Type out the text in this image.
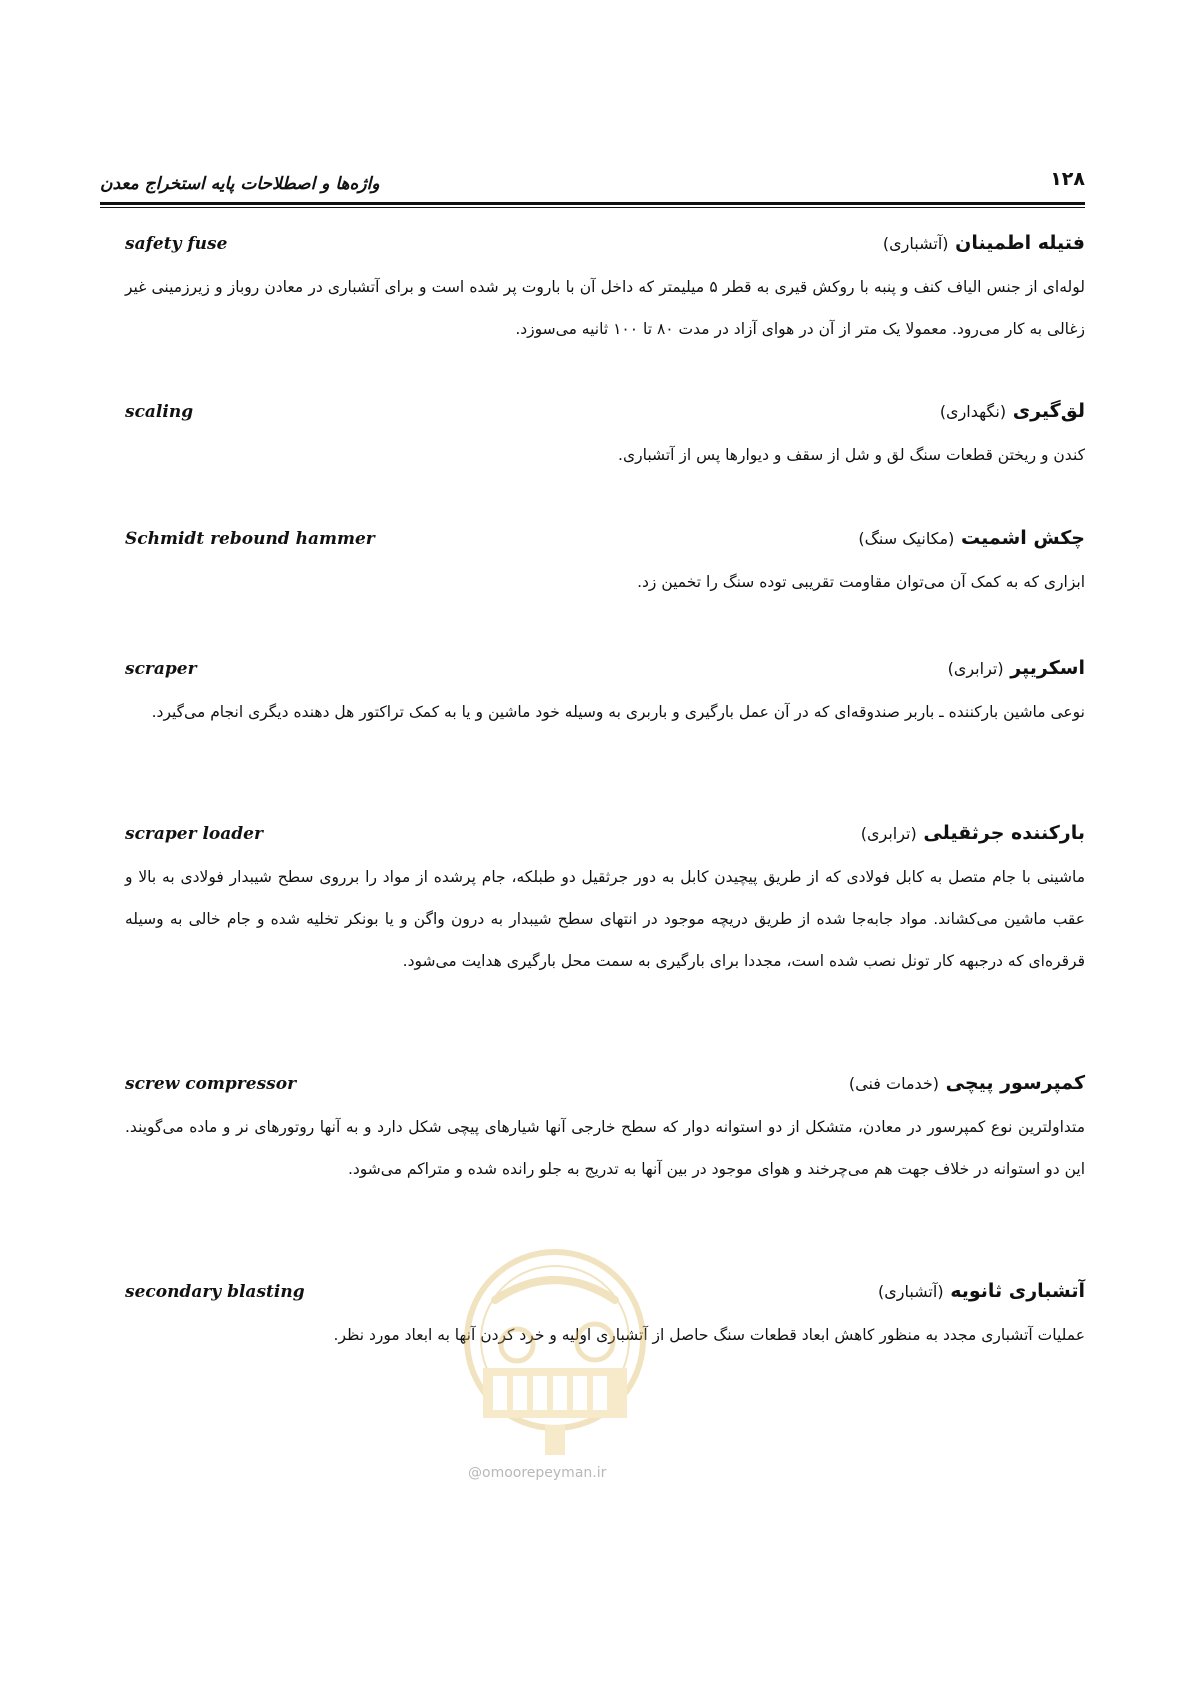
۱۲۸
واژه‌ها و اصطلاحات پایه استخراج معدن
فتیله اطمینان (آتشباری)
safety fuse

لوله‌ای از جنس الیاف کنف و پنبه با روکش قیری به قطر ۵ میلیمتر که داخل آن با باروت پر شده است و برای آتشباری در معادن روباز و زیرزمینی غیر زغالی به کار می‌رود. معمولا یک متر از آن در هوای آزاد در مدت ۸۰ تا ۱۰۰ ثانیه می‌سوزد.

لق‌گیری (نگهداری)
scaling

کندن و ریختن قطعات سنگ لق و شل از سقف و دیوارها پس از آتشباری.

چکش اشمیت (مکانیک سنگ)
Schmidt rebound hammer

ابزاری که به کمک آن می‌توان مقاومت تقریبی توده سنگ را تخمین زد.

اسکریپر (ترابری)
scraper

نوعی ماشین بارکننده ـ باربر صندوقه‌ای که در آن عمل بارگیری و باربری به وسیله خود ماشین و یا به کمک تراکتور هل دهنده دیگری انجام می‌گیرد.

بارکننده جرثقیلی (ترابری)
scraper loader

ماشینی با جام متصل به کابل فولادی که از طریق پیچیدن کابل به دور جرثقیل دو طبلکه، جام پرشده از مواد را برروی سطح شیبدار فولادی به بالا و عقب ماشین می‌کشاند. مواد جابه‌جا شده از طریق دریچه موجود در انتهای سطح شیبدار به درون واگن و یا بونکر تخلیه شده و جام خالی به وسیله قرقره‌ای که درجبهه کار تونل نصب شده است، مجددا برای بارگیری به سمت محل بارگیری هدایت می‌شود.

کمپرسور پیچی (خدمات فنی)
screw compressor

متداولترین نوع کمپرسور در معادن، متشکل از دو استوانه دوار که سطح خارجی آنها شیارهای پیچی شکل دارد و به آنها روتورهای نر و ماده می‌گویند. این دو استوانه در خلاف جهت هم می‌چرخند و هوای موجود در بین آنها به تدریج به جلو رانده شده و متراکم می‌شود.

آتشباری ثانویه (آتشباری)
secondary blasting

عملیات آتشباری مجدد به منظور کاهش ابعاد قطعات سنگ حاصل از آتشباری اولیه و خرد کردن آنها به ابعاد مورد نظر.

@omoorepeyman.ir
